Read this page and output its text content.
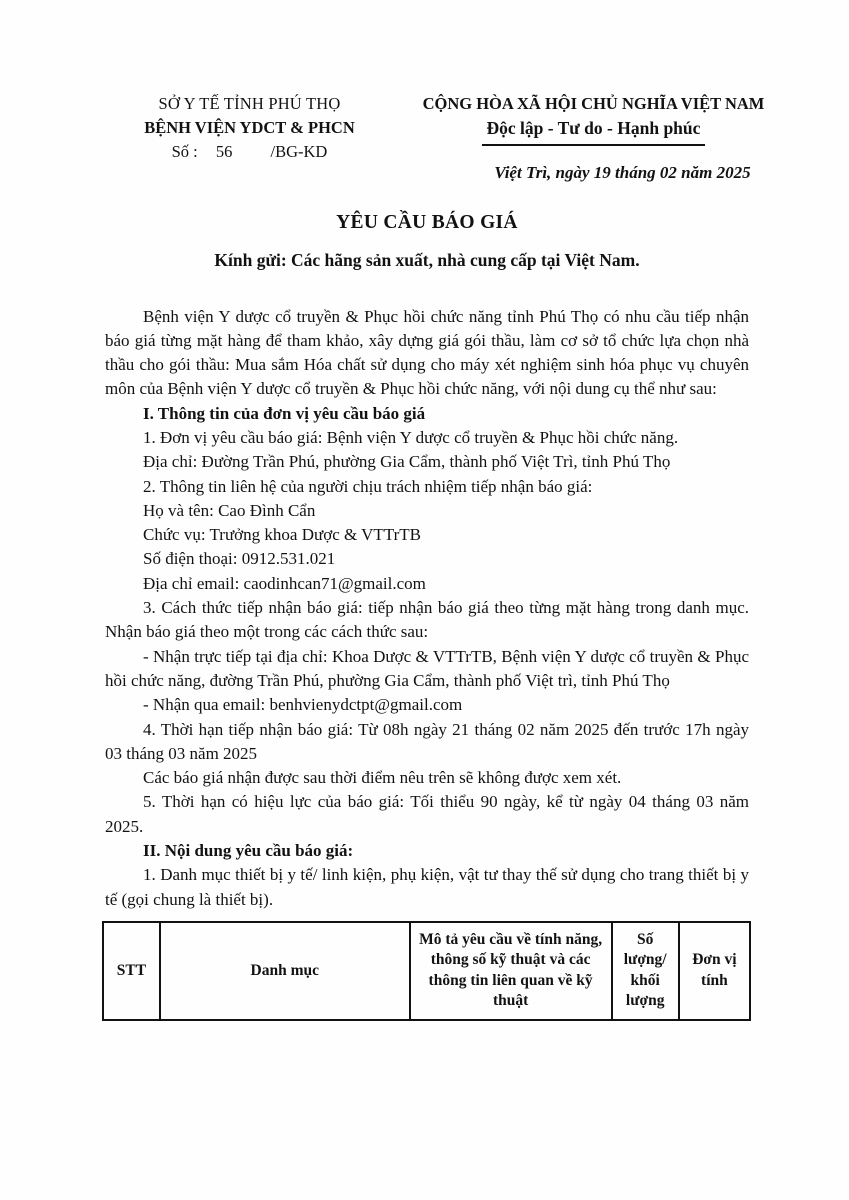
SỞ Y TẾ TỈNH PHÚ THỌ
BỆNH VIỆN YDCT & PHCN
Số : 56 /BG-KD
CỘNG HÒA XÃ HỘI CHỦ NGHĨA VIỆT NAM
Độc lập - Tư do - Hạnh phúc
Việt Trì, ngày 19 tháng 02 năm 2025
YÊU CẦU BÁO GIÁ
Kính gửi: Các hãng sản xuất, nhà cung cấp tại Việt Nam.

Bệnh viện Y dược cổ truyền & Phục hồi chức năng tỉnh Phú Thọ có nhu cầu tiếp nhận báo giá từng mặt hàng để tham khảo, xây dựng giá gói thầu, làm cơ sở tổ chức lựa chọn nhà thầu cho gói thầu: Mua sắm Hóa chất sử dụng cho máy xét nghiệm sinh hóa phục vụ chuyên môn của Bệnh viện Y dược cổ truyền & Phục hồi chức năng, với nội dung cụ thể như sau:

I. Thông tin của đơn vị yêu cầu báo giá

1. Đơn vị yêu cầu báo giá: Bệnh viện Y dược cổ truyền & Phục hồi chức năng.

Địa chỉ: Đường Trần Phú, phường Gia Cẩm, thành phố Việt Trì, tỉnh Phú Thọ

2. Thông tin liên hệ của người chịu trách nhiệm tiếp nhận báo giá:

Họ và tên: Cao Đình Cẩn

Chức vụ: Trưởng khoa Dược & VTTrTB

Số điện thoại: 0912.531.021

Địa chỉ email: caodinhcan71@gmail.com

3. Cách thức tiếp nhận báo giá: tiếp nhận báo giá theo từng mặt hàng trong danh mục. Nhận báo giá theo một trong các cách thức sau:

- Nhận trực tiếp tại địa chỉ: Khoa Dược & VTTrTB, Bệnh viện Y dược cổ truyền & Phục hồi chức năng, đường Trần Phú, phường Gia Cẩm, thành phố Việt trì, tỉnh Phú Thọ

- Nhận qua email: benhvienydctpt@gmail.com

4. Thời hạn tiếp nhận báo giá: Từ 08h ngày 21 tháng 02 năm 2025 đến trước 17h ngày 03 tháng 03 năm 2025

Các báo giá nhận được sau thời điểm nêu trên sẽ không được xem xét.

5. Thời hạn có hiệu lực của báo giá: Tối thiểu 90 ngày, kể từ ngày 04 tháng 03 năm 2025.

II. Nội dung yêu cầu báo giá:

1. Danh mục thiết bị y tế/ linh kiện, phụ kiện, vật tư thay thế sử dụng cho trang thiết bị y tế (gọi chung là thiết bị).

STT	Danh mục	Mô tả yêu cầu về tính năng, thông số kỹ thuật và các thông tin liên quan về kỹ thuật	Số lượng/ khối lượng	Đơn vị tính
